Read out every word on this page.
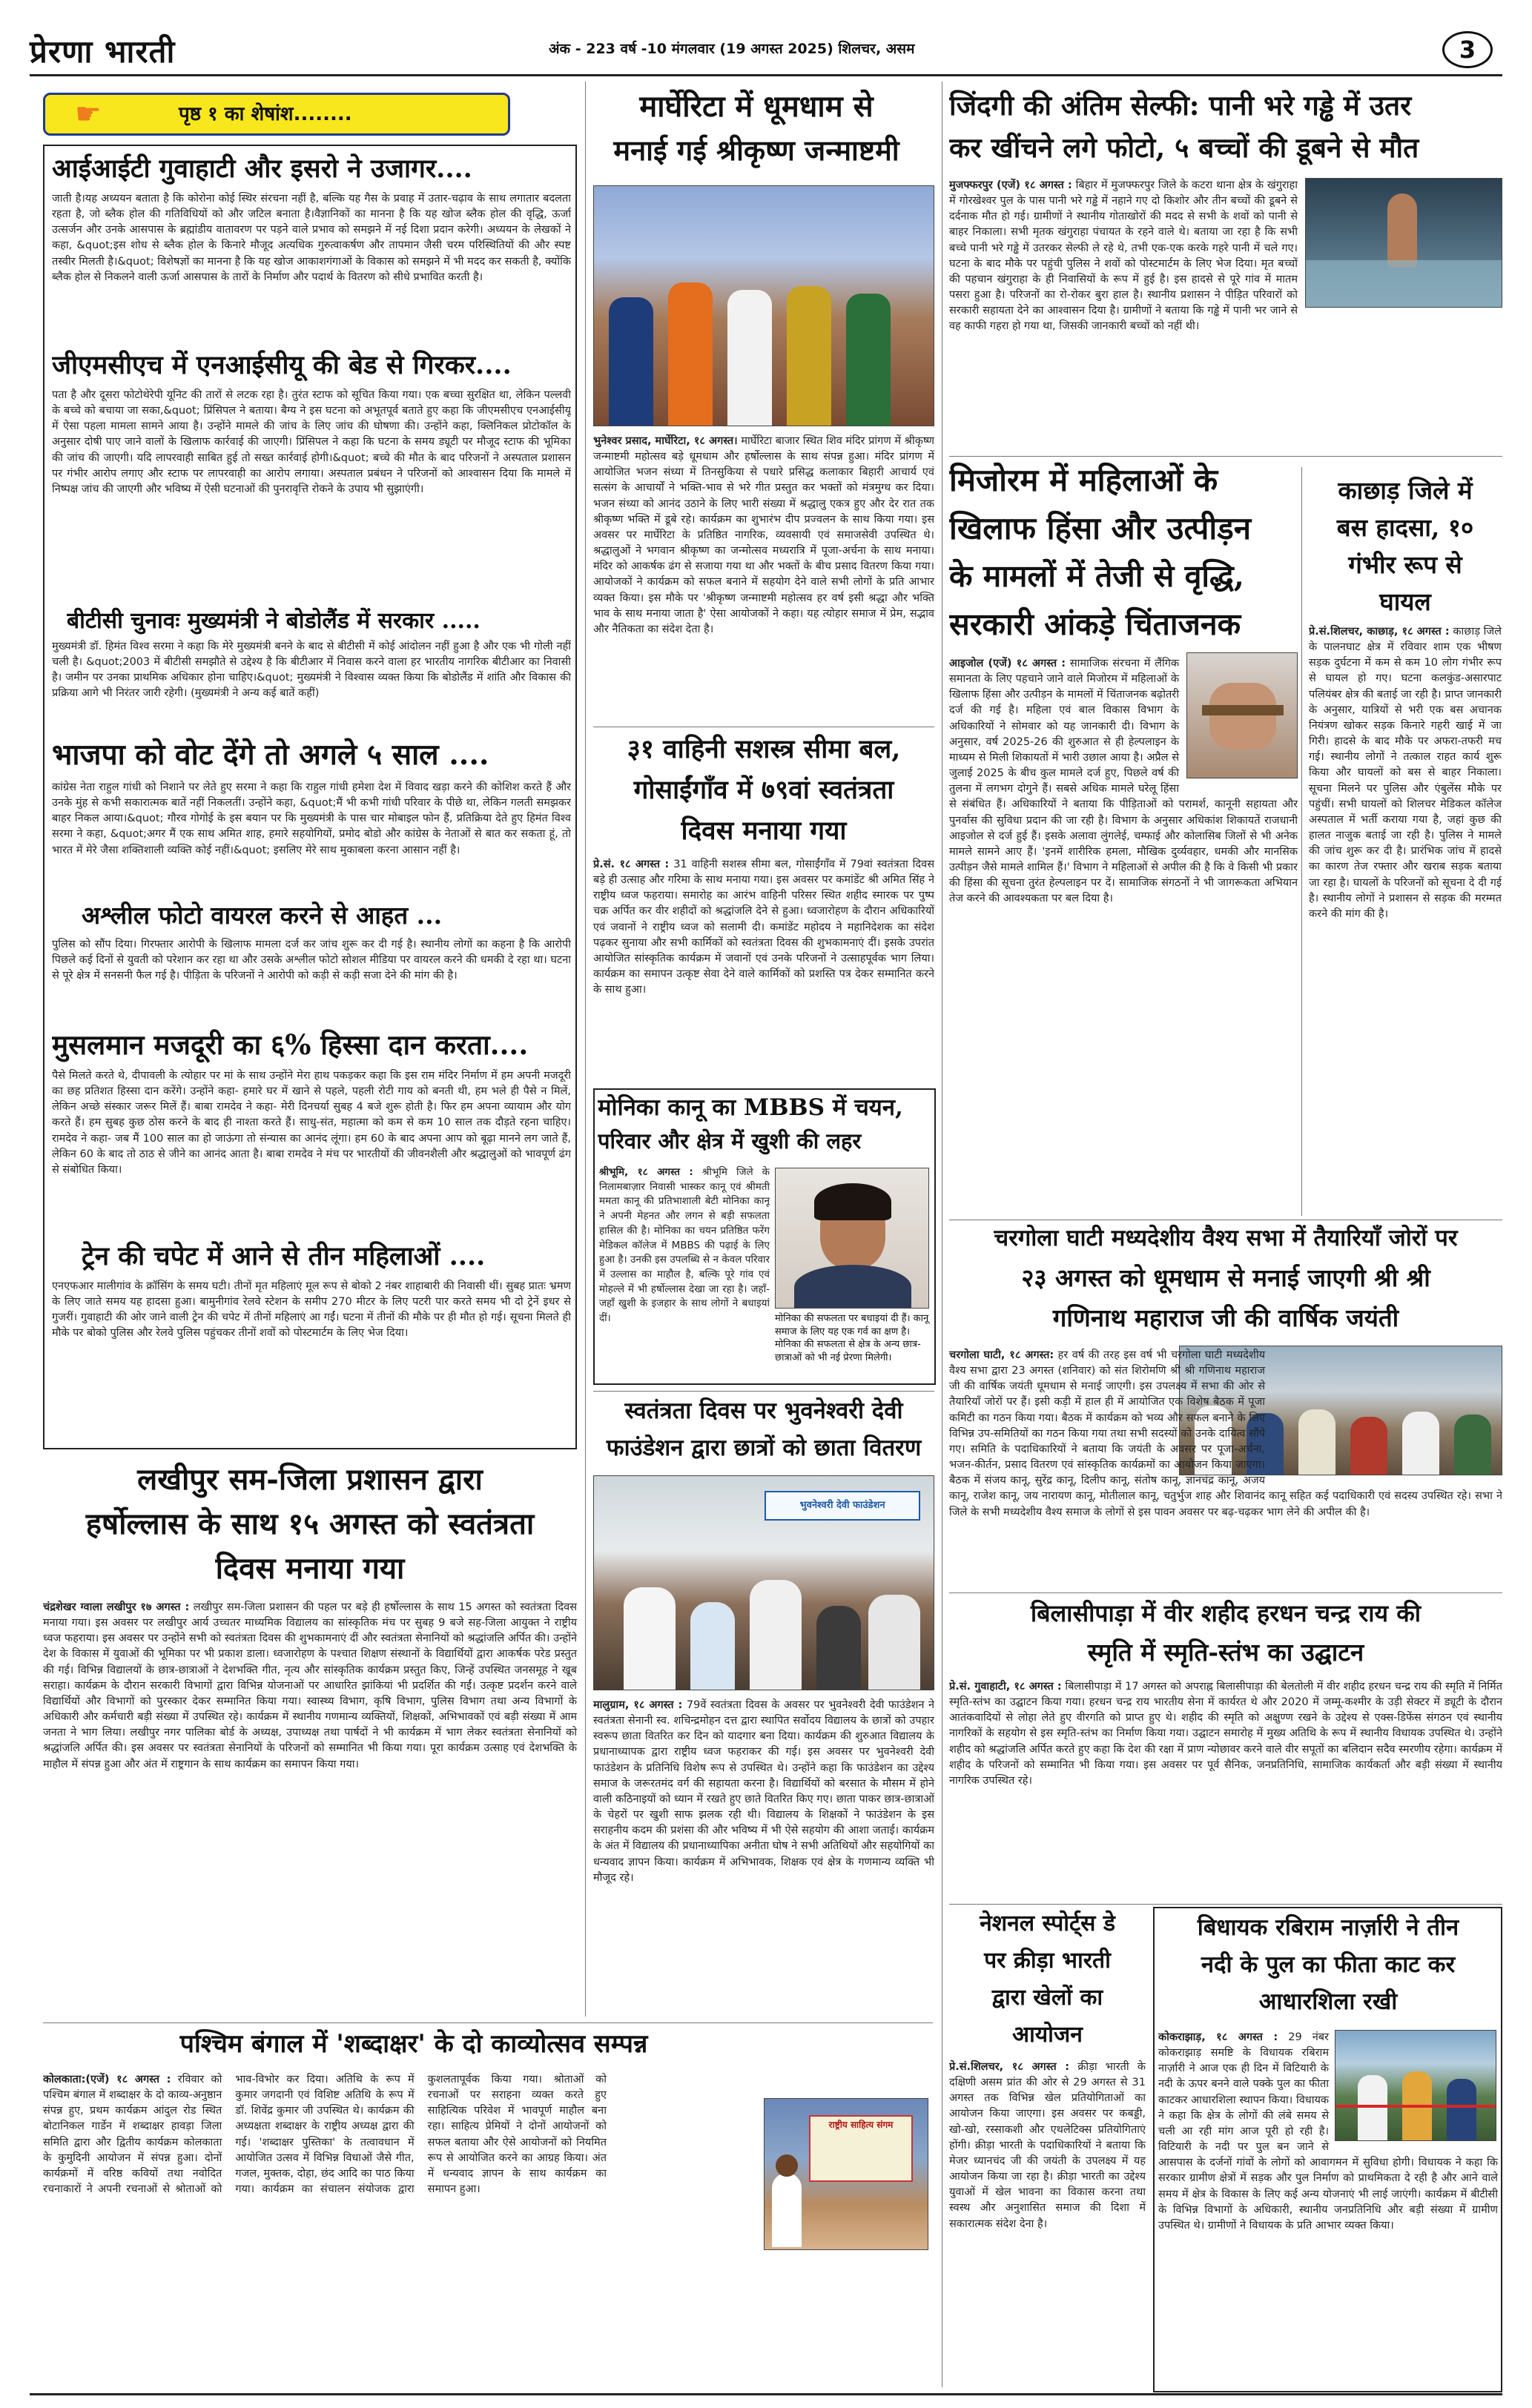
प्रेरणा भारती	अंक - 223 वर्ष -10 मंगलवार (19 अगस्त 2025) शिलचर, असम	3
☛	पृष्ठ १ का शेषांश........
आईआईटी गुवाहाटी और इसरो ने उजागर....
जाती है।यह अध्ययन बताता है कि कोरोना कोई स्थिर संरचना नहीं है, बल्कि यह गैस के प्रवाह में उतार-चढ़ाव के साथ लगातार बदलता रहता है, जो ब्लैक होल की गतिविधियों को और जटिल बनाता है।वैज्ञानिकों का मानना है कि यह खोज ब्लैक होल की वृद्धि, ऊर्जा उत्सर्जन और उनके आसपास के ब्रह्मांडीय वातावरण पर पड़ने वाले प्रभाव को समझने में नई दिशा प्रदान करेगी। अध्ययन के लेखकों ने कहा, &quot;इस शोध से ब्लैक होल के किनारे मौजूद अत्यधिक गुरुत्वाकर्षण और तापमान जैसी चरम परिस्थितियों की और स्पष्ट तस्वीर मिलती है।&quot; विशेषज्ञों का मानना है कि यह खोज आकाशगंगाओं के विकास को समझने में भी मदद कर सकती है, क्योंकि ब्लैक होल से निकलने वाली ऊर्जा आसपास के तारों के निर्माण और पदार्थ के वितरण को सीधे प्रभावित करती है।
जीएमसीएच में एनआईसीयू की बेड से गिरकर....
पता है और दूसरा फोटोथेरेपी यूनिट की तारों से लटक रहा है। तुरंत स्टाफ को सूचित किया गया। एक बच्चा सुरक्षित था, लेकिन पल्लवी के बच्चे को बचाया जा सका,&quot; प्रिंसिपल ने बताया। बैग्य ने इस घटना को अभूतपूर्व बताते हुए कहा कि जीएमसीएच एनआईसीयू में ऐसा पहला मामला सामने आया है। उन्होंने मामले की जांच के लिए जांच की घोषणा की। उन्होंने कहा, क्लिनिकल प्रोटोकॉल के अनुसार दोषी पाए जाने वालों के खिलाफ कार्रवाई की जाएगी। प्रिंसिपल ने कहा कि घटना के समय ड्यूटी पर मौजूद स्टाफ की भूमिका की जांच की जाएगी। यदि लापरवाही साबित हुई तो सख्त कार्रवाई होगी।&quot; बच्चे की मौत के बाद परिजनों ने अस्पताल प्रशासन पर गंभीर आरोप लगाए और स्टाफ पर लापरवाही का आरोप लगाया। अस्पताल प्रबंधन ने परिजनों को आश्वासन दिया कि मामले में निष्पक्ष जांच की जाएगी और भविष्य में ऐसी घटनाओं की पुनरावृत्ति रोकने के उपाय भी सुझाएंगी।
बीटीसी चुनावः मुख्यमंत्री ने बोडोलैंड में सरकार .....
मुख्यमंत्री डॉ. हिमंत विश्व सरमा ने कहा कि मेरे मुख्यमंत्री बनने के बाद से बीटीसी में कोई आंदोलन नहीं हुआ है और एक भी गोली नहीं चली है। &quot;2003 में बीटीसी समझौते से उद्देश्य है कि बीटीआर में निवास करने वाला हर भारतीय नागरिक बीटीआर का निवासी है। जमीन पर उनका प्राथमिक अधिकार होना चाहिए।&quot; मुख्यमंत्री ने विश्वास व्यक्त किया कि बोडोलैंड में शांति और विकास की प्रक्रिया आगे भी निरंतर जारी रहेगी। (मुख्यमंत्री ने अन्य कई बातें कहीं)
भाजपा को वोट देंगे तो अगले ५ साल ....
कांग्रेस नेता राहुल गांधी को निशाने पर लेते हुए सरमा ने कहा कि राहुल गांधी हमेशा देश में विवाद खड़ा करने की कोशिश करते हैं और उनके मुंह से कभी सकारात्मक बातें नहीं निकलतीं। उन्होंने कहा, &quot;मैं भी कभी गांधी परिवार के पीछे था, लेकिन गलती समझकर बाहर निकल आया।&quot; गौरव गोगोई के इस बयान पर कि मुख्यमंत्री के पास चार मोबाइल फोन हैं, प्रतिक्रिया देते हुए हिमंत विश्व सरमा ने कहा, &quot;अगर मैं एक साथ अमित शाह, हमारे सहयोगियों, प्रमोद बोडो और कांग्रेस के नेताओं से बात कर सकता हूं, तो भारत में मेरे जैसा शक्तिशाली व्यक्ति कोई नहीं।&quot; इसलिए मेरे साथ मुकाबला करना आसान नहीं है।
अश्लील फोटो वायरल करने से आहत ...
पुलिस को सौंप दिया। गिरफ्तार आरोपी के खिलाफ मामला दर्ज कर जांच शुरू कर दी गई है। स्थानीय लोगों का कहना है कि आरोपी पिछले कई दिनों से युवती को परेशान कर रहा था और उसके अश्लील फोटो सोशल मीडिया पर वायरल करने की धमकी दे रहा था। घटना से पूरे क्षेत्र में सनसनी फैल गई है। पीड़िता के परिजनों ने आरोपी को कड़ी से कड़ी सजा देने की मांग की है।
मुसलमान मजदूरी का ६% हिस्सा दान करता....
पैसे मिलते करते थे, दीपावली के त्योहार पर मां के साथ उन्होंने मेरा हाथ पकड़कर कहा कि इस राम मंदिर निर्माण में हम अपनी मजदूरी का छह प्रतिशत हिस्सा दान करेंगे। उन्होंने कहा- हमारे घर में खाने से पहले, पहली रोटी गाय को बनती थी, हम भले ही पैसे न मिलें, लेकिन अच्छे संस्कार जरूर मिलें हैं। बाबा रामदेव ने कहा- मेरी दिनचर्या सुबह 4 बजे शुरू होती है। फिर हम अपना व्यायाम और योग करते हैं। हम सुबह कुछ ठोस करने के बाद ही नाश्ता करते हैं। साधु-संत, महात्मा को कम से कम 10 साल तक दौड़ते रहना चाहिए। रामदेव ने कहा- जब मैं 100 साल का हो जाऊंगा तो संन्यास का आनंद लूंगा। हम 60 के बाद अपना आप को बूढ़ा मानने लग जाते हैं, लेकिन 60 के बाद तो ठाठ से जीने का आनंद आता है। बाबा रामदेव ने मंच पर भारतीयों की जीवनशैली और श्रद्धालुओं को भावपूर्ण ढंग से संबोधित किया।
ट्रेन की चपेट में आने से तीन महिलाओं ....
एनएफआर मालीगांव के क्रॉसिंग के समय घटी। तीनों मृत महिलाएं मूल रूप से बोको 2 नंबर शाहाबारी की निवासी थीं। सुबह प्रातः भ्रमण के लिए जाते समय यह हादसा हुआ। बामुनीगांव रेलवे स्टेशन के समीप 270 मीटर के लिए पटरी पार करते समय भी दो ट्रेनें इधर से गुजरीं। गुवाहाटी की ओर जाने वाली ट्रेन की चपेट में तीनों महिलाएं आ गईं। घटना में तीनों की मौके पर ही मौत हो गई। सूचना मिलते ही मौके पर बोको पुलिस और रेलवे पुलिस पहुंचकर तीनों शवों को पोस्टमार्टम के लिए भेज दिया।
लखीपुर सम-जिला प्रशासन द्वारा
हर्षोल्लास के साथ १५ अगस्त को स्वतंत्रता
दिवस मनाया गया
चंद्रशेखर ग्वाला लखीपुर १७ अगस्त : लखीपुर सम-जिला प्रशासन की पहल पर बड़े ही हर्षोल्लास के साथ 15 अगस्त को स्वतंत्रता दिवस मनाया गया। इस अवसर पर लखीपुर आर्य उच्चतर माध्यमिक विद्यालय का सांस्कृतिक मंच पर सुबह 9 बजे सह-जिला आयुक्त ने राष्ट्रीय ध्वज फहराया। इस अवसर पर उन्होंने सभी को स्वतंत्रता दिवस की शुभकामनाएं दीं और स्वतंत्रता सेनानियों को श्रद्धांजलि अर्पित की। उन्होंने देश के विकास में युवाओं की भूमिका पर भी प्रकाश डाला। ध्वजारोहण के पश्चात शिक्षण संस्थानों के विद्यार्थियों द्वारा आकर्षक परेड प्रस्तुत की गई। विभिन्न विद्यालयों के छात्र-छात्राओं ने देशभक्ति गीत, नृत्य और सांस्कृतिक कार्यक्रम प्रस्तुत किए, जिन्हें उपस्थित जनसमूह ने खूब सराहा। कार्यक्रम के दौरान सरकारी विभागों द्वारा विभिन्न योजनाओं पर आधारित झांकियां भी प्रदर्शित की गईं। उत्कृष्ट प्रदर्शन करने वाले विद्यार्थियों और विभागों को पुरस्कार देकर सम्मानित किया गया। स्वास्थ्य विभाग, कृषि विभाग, पुलिस विभाग तथा अन्य विभागों के अधिकारी और कर्मचारी बड़ी संख्या में उपस्थित रहे। कार्यक्रम में स्थानीय गणमान्य व्यक्तियों, शिक्षकों, अभिभावकों एवं बड़ी संख्या में आम जनता ने भाग लिया। लखीपुर नगर पालिका बोर्ड के अध्यक्ष, उपाध्यक्ष तथा पार्षदों ने भी कार्यक्रम में भाग लेकर स्वतंत्रता सेनानियों को श्रद्धांजलि अर्पित की। इस अवसर पर स्वतंत्रता सेनानियों के परिजनों को सम्मानित भी किया गया। पूरा कार्यक्रम उत्साह एवं देशभक्ति के माहौल में संपन्न हुआ और अंत में राष्ट्रगान के साथ कार्यक्रम का समापन किया गया।
पश्चिम बंगाल में 'शब्दाक्षर' के दो काव्योत्सव सम्पन्न
कोलकाता:(एजें) १८ अगस्त : रविवार को पश्चिम बंगाल में शब्दाक्षर के दो काव्य-अनुष्ठान संपन्न हुए, प्रथम कार्यक्रम आंदुल रोड स्थित बोटानिकल गार्डेन में शब्दाक्षर हावड़ा जिला समिति द्वारा और द्वितीय कार्यक्रम कोलकाता के कुमुदिनी आयोजन में संपन्न हुआ। दोनों कार्यक्रमों में वरिष्ठ कवियों तथा नवोदित रचनाकारों ने अपनी रचनाओं से श्रोताओं को भाव-विभोर कर दिया। अतिथि के रूप में कुमार जगदानी एवं विशिष्ट अतिथि के रूप में डॉ. शिवेंद्र कुमार जी उपस्थित थे। कार्यक्रम की अध्यक्षता शब्दाक्षर के राष्ट्रीय अध्यक्ष द्वारा की गई। 'शब्दाक्षर पुस्तिका' के तत्वावधान में आयोजित उत्सव में विभिन्न विधाओं जैसे गीत, गजल, मुक्तक, दोहा, छंद आदि का पाठ किया गया। कार्यक्रम का संचालन संयोजक द्वारा कुशलतापूर्वक किया गया। श्रोताओं को रचनाओं पर सराहना व्यक्त करते हुए साहित्यिक परिवेश में भावपूर्ण माहौल बना रहा। साहित्य प्रेमियों ने दोनों आयोजनों को सफल बताया और ऐसे आयोजनों को नियमित रूप से आयोजित करने का आग्रह किया। अंत में धन्यवाद ज्ञापन के साथ कार्यक्रम का समापन हुआ।
राष्ट्रीय साहित्य संगम
मार्घेरिटा में धूमधाम से
मनाई गई श्रीकृष्ण जन्माष्टमी
भुनेश्वर प्रसाद, मार्घेरिटा, १८ अगस्त। मार्घेरिटा बाजार स्थित शिव मंदिर प्रांगण में श्रीकृष्ण जन्माष्टमी महोत्सव बड़े धूमधाम और हर्षोल्लास के साथ संपन्न हुआ। मंदिर प्रांगण में आयोजित भजन संध्या में तिनसुकिया से पधारे प्रसिद्ध कलाकार बिहारी आचार्य एवं सत्संग के आचार्यों ने भक्ति-भाव से भरे गीत प्रस्तुत कर भक्तों को मंत्रमुग्ध कर दिया। भजन संध्या को आनंद उठाने के लिए भारी संख्या में श्रद्धालु एकत्र हुए और देर रात तक श्रीकृष्ण भक्ति में डूबे रहे। कार्यक्रम का शुभारंभ दीप प्रज्वलन के साथ किया गया। इस अवसर पर मार्घेरिटा के प्रतिष्ठित नागरिक, व्यवसायी एवं समाजसेवी उपस्थित थे। श्रद्धालुओं ने भगवान श्रीकृष्ण का जन्मोत्सव मध्यरात्रि में पूजा-अर्चना के साथ मनाया। मंदिर को आकर्षक ढंग से सजाया गया था और भक्तों के बीच प्रसाद वितरण किया गया। आयोजकों ने कार्यक्रम को सफल बनाने में सहयोग देने वाले सभी लोगों के प्रति आभार व्यक्त किया। इस मौके पर 'श्रीकृष्ण जन्माष्टमी महोत्सव हर वर्ष इसी श्रद्धा और भक्ति भाव के साथ मनाया जाता है' ऐसा आयोजकों ने कहा। यह त्योहार समाज में प्रेम, सद्भाव और नैतिकता का संदेश देता है।
३१ वाहिनी सशस्त्र सीमा बल,
गोसाईंगाँव में ७९वां स्वतंत्रता
दिवस मनाया गया
प्रे.सं. १८ अगस्त : 31 वाहिनी सशस्त्र सीमा बल, गोसाईंगाँव में 79वां स्वतंत्रता दिवस बड़े ही उत्साह और गरिमा के साथ मनाया गया। इस अवसर पर कमांडेंट श्री अमित सिंह ने राष्ट्रीय ध्वज फहराया। समारोह का आरंभ वाहिनी परिसर स्थित शहीद स्मारक पर पुष्प चक्र अर्पित कर वीर शहीदों को श्रद्धांजलि देने से हुआ। ध्वजारोहण के दौरान अधिकारियों एवं जवानों ने राष्ट्रीय ध्वज को सलामी दी। कमांडेंट महोदय ने महानिदेशक का संदेश पढ़कर सुनाया और सभी कार्मिकों को स्वतंत्रता दिवस की शुभकामनाएं दीं। इसके उपरांत आयोजित सांस्कृतिक कार्यक्रम में जवानों एवं उनके परिजनों ने उत्साहपूर्वक भाग लिया। कार्यक्रम का समापन उत्कृष्ट सेवा देने वाले कार्मिकों को प्रशस्ति पत्र देकर सम्मानित करने के साथ हुआ।
मोनिका कानू का MBBS में चयन,
परिवार और क्षेत्र में खुशी की लहर
श्रीभूमि, १८ अगस्त : श्रीभूमि जिले के निलामबाज़ार निवासी भास्कर कानू एवं श्रीमती ममता कानू की प्रतिभाशाली बेटी मोनिका कानू ने अपनी मेहनत और लगन से बड़ी सफलता हासिल की है। मोनिका का चयन प्रतिष्ठित फरेंग मेडिकल कॉलेज में MBBS की पढ़ाई के लिए हुआ है। उनकी इस उपलब्धि से न केवल परिवार में उल्लास का माहौल है, बल्कि पूरे गांव एवं मोहल्ले में भी हर्षोल्लास देखा जा रहा है। जहाँ-जहाँ खुशी के इजहार के साथ लोगों ने बधाइयां दीं।	मोनिका की सफलता पर बधाइयां दी हैं। कानू समाज के लिए यह एक गर्व का क्षण है। मोनिका की सफलता से क्षेत्र के अन्य छात्र-छात्राओं को भी नई प्रेरणा मिलेगी।
स्वतंत्रता दिवस पर भुवनेश्वरी देवी
फाउंडेशन द्वारा छात्रों को छाता वितरण
भुवनेश्वरी देवी फाउंडेशन
मालुग्राम, १८ अगस्त : 79वें स्वतंत्रता दिवस के अवसर पर भुवनेश्वरी देवी फाउंडेशन ने स्वतंत्रता सेनानी स्व. शचिन्द्रमोहन दत्त द्वारा स्थापित सर्वोदय विद्यालय के छात्रों को उपहार स्वरूप छाता वितरित कर दिन को यादगार बना दिया। कार्यक्रम की शुरुआत विद्यालय के प्रधानाध्यापक द्वारा राष्ट्रीय ध्वज फहराकर की गई। इस अवसर पर भुवनेश्वरी देवी फाउंडेशन के प्रतिनिधि विशेष रूप से उपस्थित थे। उन्होंने कहा कि फाउंडेशन का उद्देश्य समाज के जरूरतमंद वर्ग की सहायता करना है। विद्यार्थियों को बरसात के मौसम में होने वाली कठिनाइयों को ध्यान में रखते हुए छाते वितरित किए गए। छाता पाकर छात्र-छात्राओं के चेहरों पर खुशी साफ झलक रही थी। विद्यालय के शिक्षकों ने फाउंडेशन के इस सराहनीय कदम की प्रशंसा की और भविष्य में भी ऐसे सहयोग की आशा जताई। कार्यक्रम के अंत में विद्यालय की प्रधानाध्यापिका अनीता घोष ने सभी अतिथियों और सहयोगियों का धन्यवाद ज्ञापन किया। कार्यक्रम में अभिभावक, शिक्षक एवं क्षेत्र के गणमान्य व्यक्ति भी मौजूद रहे।
जिंदगी की अंतिम सेल्फी: पानी भरे गड्ढे में उतर
कर खींचने लगे फोटो, ५ बच्चों की डूबने से मौत
मुजफ्फरपुर (एजें) १८ अगस्त : बिहार में मुजफ्फरपुर जिले के कटरा थाना क्षेत्र के खंगुराहा में गोरखेश्वर पुल के पास पानी भरे गड्ढे में नहाने गए दो किशोर और तीन बच्चों की डूबने से दर्दनाक मौत हो गई। ग्रामीणों ने स्थानीय गोताखोरों की मदद से सभी के शवों को पानी से बाहर निकाला। सभी मृतक खंगुराहा पंचायत के रहने वाले थे। बताया जा रहा है कि सभी बच्चे पानी भरे गड्ढे में उतरकर सेल्फी ले रहे थे, तभी एक-एक करके गहरे पानी में चले गए। घटना के बाद मौके पर पहुंची पुलिस ने शवों को पोस्टमार्टम के लिए भेज दिया। मृत बच्चों की पहचान खंगुराहा के ही निवासियों के रूप में हुई है। इस हादसे से पूरे गांव में मातम पसरा हुआ है। परिजनों का रो-रोकर बुरा हाल है। स्थानीय प्रशासन ने पीड़ित परिवारों को सरकारी सहायता देने का आश्वासन दिया है। ग्रामीणों ने बताया कि गड्ढे में पानी भर जाने से वह काफी गहरा हो गया था, जिसकी जानकारी बच्चों को नहीं थी।
मिजोरम में महिलाओं के
खिलाफ हिंसा और उत्पीड़न
के मामलों में तेजी से वृद्धि,
सरकारी आंकड़े चिंताजनक
आइजोल (एजें) १८ अगस्त : सामाजिक संरचना में लैंगिक समानता के लिए पहचाने जाने वाले मिजोरम में महिलाओं के खिलाफ हिंसा और उत्पीड़न के मामलों में चिंताजनक बढ़ोतरी दर्ज की गई है। महिला एवं बाल विकास विभाग के अधिकारियों ने सोमवार को यह जानकारी दी। विभाग के अनुसार, वर्ष 2025-26 की शुरुआत से ही हेल्पलाइन के माध्यम से मिली शिकायतों में भारी उछाल आया है। अप्रैल से जुलाई 2025 के बीच कुल मामले दर्ज हुए, पिछले वर्ष की तुलना में लगभग दोगुने हैं। सबसे अधिक मामले घरेलू हिंसा से संबंधित हैं। अधिकारियों ने बताया कि पीड़िताओं को परामर्श, कानूनी सहायता और पुनर्वास की सुविधा प्रदान की जा रही है। विभाग के अनुसार अधिकांश शिकायतें राजधानी आइजोल से दर्ज हुई हैं। इसके अलावा लुंगलेई, चम्फाई और कोलासिब जिलों से भी अनेक मामले सामने आए हैं। 'इनमें शारीरिक हमला, मौखिक दुर्व्यवहार, धमकी और मानसिक उत्पीड़न जैसे मामले शामिल हैं।' विभाग ने महिलाओं से अपील की है कि वे किसी भी प्रकार की हिंसा की सूचना तुरंत हेल्पलाइन पर दें। सामाजिक संगठनों ने भी जागरूकता अभियान तेज करने की आवश्यकता पर बल दिया है।
काछाड़ जिले में
बस हादसा, १०
गंभीर रूप से
घायल
प्रे.सं.शिलचर, काछाड़, १८ अगस्त : काछाड़ जिले के पालनघाट क्षेत्र में रविवार शाम एक भीषण सड़क दुर्घटना में कम से कम 10 लोग गंभीर रूप से घायल हो गए। घटना कलकुंड-असारपाट पलियंबर क्षेत्र की बताई जा रही है। प्राप्त जानकारी के अनुसार, यात्रियों से भरी एक बस अचानक नियंत्रण खोकर सड़क किनारे गहरी खाई में जा गिरी। हादसे के बाद मौके पर अफरा-तफरी मच गई। स्थानीय लोगों ने तत्काल राहत कार्य शुरू किया और घायलों को बस से बाहर निकाला। सूचना मिलने पर पुलिस और एंबुलेंस मौके पर पहुंचीं। सभी घायलों को शिलचर मेडिकल कॉलेज अस्पताल में भर्ती कराया गया है, जहां कुछ की हालत नाजुक बताई जा रही है। पुलिस ने मामले की जांच शुरू कर दी है। प्रारंभिक जांच में हादसे का कारण तेज रफ्तार और खराब सड़क बताया जा रहा है। घायलों के परिजनों को सूचना दे दी गई है। स्थानीय लोगों ने प्रशासन से सड़क की मरम्मत करने की मांग की है।
चरगोला घाटी मध्यदेशीय वैश्य सभा में तैयारियाँ जोरों पर
२३ अगस्त को धूमधाम से मनाई जाएगी श्री श्री
गणिनाथ महाराज जी की वार्षिक जयंती
चरगोला घाटी, १८ अगस्त: हर वर्ष की तरह इस वर्ष भी चरगोला घाटी मध्यदेशीय वैश्य सभा द्वारा 23 अगस्त (शनिवार) को संत शिरोमणि श्री श्री गणिनाथ महाराज जी की वार्षिक जयंती धूमधाम से मनाई जाएगी। इस उपलक्ष्य में सभा की ओर से तैयारियाँ जोरों पर हैं। इसी कड़ी में हाल ही में आयोजित एक विशेष बैठक में पूजा कमिटी का गठन किया गया। बैठक में कार्यक्रम को भव्य और सफल बनाने के लिए विभिन्न उप-समितियों का गठन किया गया तथा सभी सदस्यों को उनके दायित्व सौंपे गए। समिति के पदाधिकारियों ने बताया कि जयंती के अवसर पर पूजा-अर्चना, भजन-कीर्तन, प्रसाद वितरण एवं सांस्कृतिक कार्यक्रमों का आयोजन किया जाएगा। बैठक में संजय कानू, सुरेंद्र कानू, दिलीप कानू, संतोष कानू, ज्ञानचंद्र कानू, अजय कानू, राजेश कानू, जय नारायण कानू, मोतीलाल कानू, चतुर्भुज शाह और शिवानंद कानू सहित कई पदाधिकारी एवं सदस्य उपस्थित रहे। सभा ने जिले के सभी मध्यदेशीय वैश्य समाज के लोगों से इस पावन अवसर पर बढ़-चढ़कर भाग लेने की अपील की है।
बिलासीपाड़ा में वीर शहीद हरधन चन्द्र राय की
स्मृति में स्मृति-स्तंभ का उद्घाटन
प्रे.सं. गुवाहाटी, १८ अगस्त : बिलासीपाड़ा में 17 अगस्त को अपराह्न बिलासीपाड़ा की बेलतोली में वीर शहीद हरधन चन्द्र राय की स्मृति में निर्मित स्मृति-स्तंभ का उद्घाटन किया गया। हरधन चन्द्र राय भारतीय सेना में कार्यरत थे और 2020 में जम्मू-कश्मीर के उड़ी सेक्टर में ड्यूटी के दौरान आतंकवादियों से लोहा लेते हुए वीरगति को प्राप्त हुए थे। शहीद की स्मृति को अक्षुण्ण रखने के उद्देश्य से एक्स-डिफेंस संगठन एवं स्थानीय नागरिकों के सहयोग से इस स्मृति-स्तंभ का निर्माण किया गया। उद्घाटन समारोह में मुख्य अतिथि के रूप में स्थानीय विधायक उपस्थित थे। उन्होंने शहीद को श्रद्धांजलि अर्पित करते हुए कहा कि देश की रक्षा में प्राण न्योछावर करने वाले वीर सपूतों का बलिदान सदैव स्मरणीय रहेगा। कार्यक्रम में शहीद के परिजनों को सम्मानित भी किया गया। इस अवसर पर पूर्व सैनिक, जनप्रतिनिधि, सामाजिक कार्यकर्ता और बड़ी संख्या में स्थानीय नागरिक उपस्थित रहे।
नेशनल स्पोर्ट्स डे
पर क्रीड़ा भारती
द्वारा खेलों का
आयोजन
प्रे.सं.शिलचर, १८ अगस्त : क्रीड़ा भारती के दक्षिणी असम प्रांत की ओर से 29 अगस्त से 31 अगस्त तक विभिन्न खेल प्रतियोगिताओं का आयोजन किया जाएगा। इस अवसर पर कबड्डी, खो-खो, रस्साकशी और एथलेटिक्स प्रतियोगिताएं होंगी। क्रीड़ा भारती के पदाधिकारियों ने बताया कि मेजर ध्यानचंद जी की जयंती के उपलक्ष्य में यह आयोजन किया जा रहा है। क्रीड़ा भारती का उद्देश्य युवाओं में खेल भावना का विकास करना तथा स्वस्थ और अनुशासित समाज की दिशा में सकारात्मक संदेश देना है।
बिधायक रबिराम नार्ज़ारी ने तीन
नदी के पुल का फीता काट कर
आधारशिला रखी
कोकराझाड़, १८ अगस्त : 29 नंबर कोकराझाड़ समष्टि के विधायक रबिराम नार्ज़ारी ने आज एक ही दिन में विटियारी के नदी के ऊपर बनने वाले पक्के पुल का फीता काटकर आधारशिला स्थापन किया। विधायक ने कहा कि क्षेत्र के लोगों की लंबे समय से चली आ रही मांग आज पूरी हो रही है। विटियारी के नदी पर पुल बन जाने से आसपास के दर्जनों गांवों के लोगों को आवागमन में सुविधा होगी। विधायक ने कहा कि सरकार ग्रामीण क्षेत्रों में सड़क और पुल निर्माण को प्राथमिकता दे रही है और आने वाले समय में क्षेत्र के विकास के लिए कई अन्य योजनाएं भी लाई जाएंगी। कार्यक्रम में बीटीसी के विभिन्न विभागों के अधिकारी, स्थानीय जनप्रतिनिधि और बड़ी संख्या में ग्रामीण उपस्थित थे। ग्रामीणों ने विधायक के प्रति आभार व्यक्त किया।
